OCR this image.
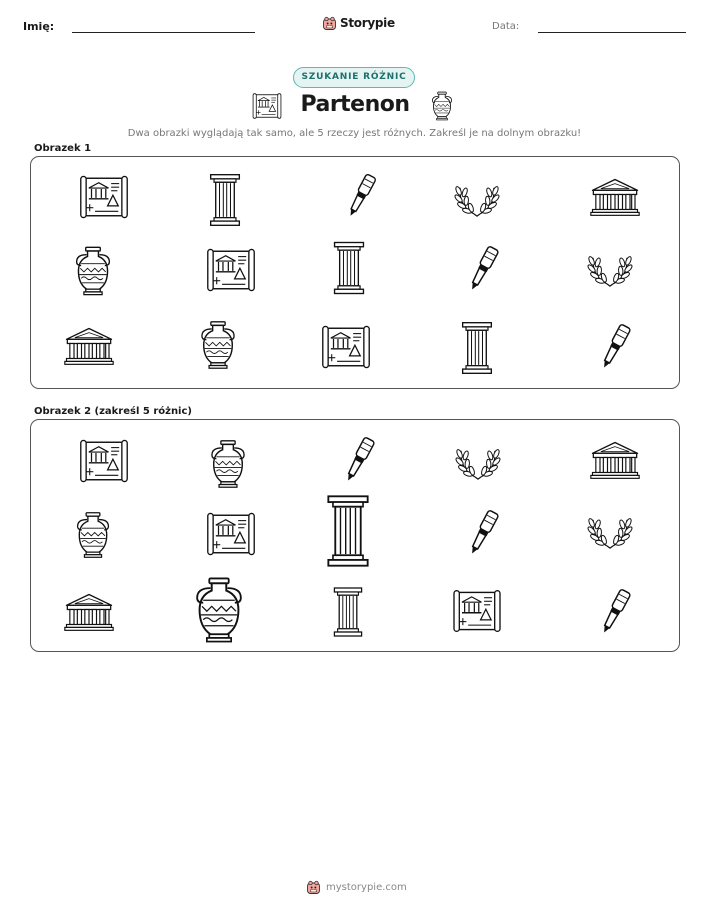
Imię:	Storypie	Data:
SZUKANIE RÓŻNIC
Partenon

Dwa obrazki wyglądają tak samo, ale 5 rzeczy jest różnych. Zakreśl je na dolnym obrazku!

Obrazek 1
Obrazek 2 (zakreśl 5 różnic)
mystorypie.com
